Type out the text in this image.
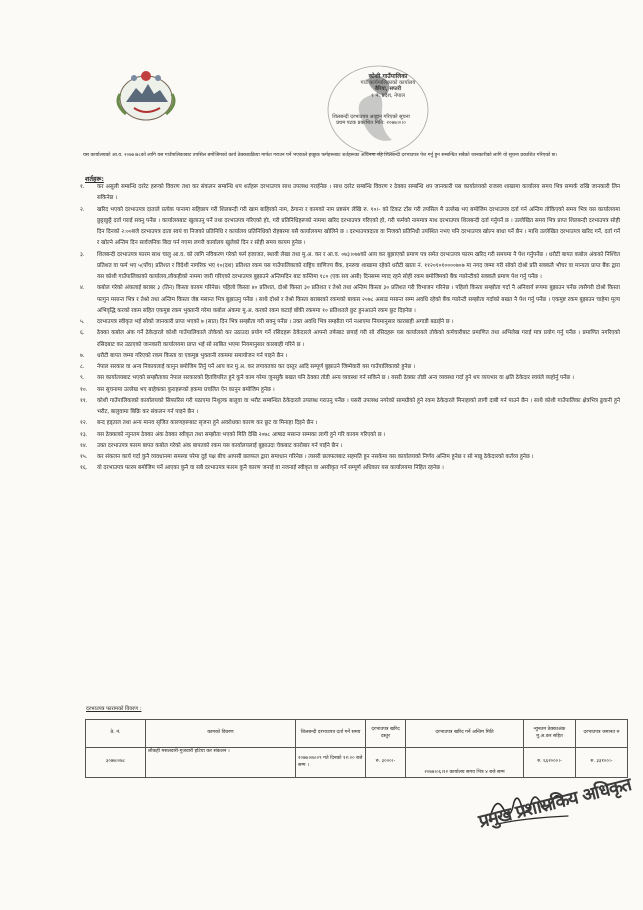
कोशी गाउँपालिका
गाउँ कार्यपालिकाको कार्यालय
बैरिया, सप्तरी
१ नं. प्रदेश, नेपाल
शिलबन्दी दरभाउपत्र आह्वान गरिएको सूचना
प्रथम पटक प्रकाशित मिति: २०७७।०।०
यस कार्यालयको आ.व. २०७७।७८को लागि यस गाउँपालिकाबाट तपसिल बमोजिमको कार्य ठेक्काप्रक्रिया मार्फत गराउन पर्ने भएकाले इच्छुक फर्महरूबाट शर्तहरूका अधिनमा रहि शिलबन्दी दरभाउपत्र पेश गर्नु हुन सम्बन्धित सबैको जानकारीको लागि यो सूचना प्रकाशित गरिएको छ।
शर्तहरू:
१. कर असुली सम्बन्धि दररेट हरूको विवरण तथा कर संकलन सम्बन्धि थप शर्तहरू दरभाउपत्र साथ उपलब्ध गराईनेछ । साथ दररेट सम्बन्धि विवरण र ठेक्का सम्बन्धि थप जानकारी यस कार्यालयको राजस्व शाखामा कार्यालय समय भित्र सम्पर्क राखि जानकारी लिन सकिनेछ ।
२. खरिद भएको दरभाउपत्र दाताले प्रत्येक पानामा सहिछाप गरी शिलबन्दी गरी खाम बाहिरको नाम, ठेगाना र कामको नाम प्रष्टसंग लेखि रु. १०।- को टिकट टाँस गरी तपसिल मै उल्लेख भए बमोजिम दरभाउपत्र दर्ता गर्न अन्तिम तोकिएको समय भित्र यस कार्यालयमा छुट्टाछुट्टै दर्ता गराई सक्नु पर्नेछ । कार्यालयबाट खुलाउनु पर्ने तथा दरभाउपत्र गरिएको होः, गरी प्रतिनिधिहरूको नाममा खरिद दरभाउपत्र गरिएको हो, गरी फर्मको नाममात्र माथ दरभाउपत्र शिलबन्दी दर्ता गर्नुपर्ने छ । उल्लेखित समय भित्र प्राप्त शिलबन्दी दरभाउपत्र सोही दिन दिनको २:००बजे दरभाउपत्र दाता स्वयं वा निजको प्रतिनिधि र कार्यालय प्रतिनिधिको रोहबरमा यसै कार्यालयमा खोलिने छ । दरभाउपत्रदाता वा निजको प्रतिनिधी उपस्थित नभए पनि दरभाउपत्र खोल्न बाधा पर्ने छैन । माथि उल्लेखित दरभाउपत्र खरिद गर्ने, दर्ता गर्ने र खोल्ने अन्तिम दिन सार्वजनिक बिदा पर्न गएमा लगत्तै कार्यालय खुलेको दिन र सोही समय कायम हुनेछ ।
३. शिलबन्दी दरभाउपत्र फारम साथ चालु आ.व. को लागि नविकरण गरेको फर्म इजाजत, स्थायी लेखा तथा मु.अ. कर र आ.व. ०७३।०७४को आय कर बुझाएको प्रमाण पत्र समेत दरभाउपत्र फारम खरिद गरी समयमा नै पेश गर्नुपर्नेछ । धरौटी बापत कबोल अंकको निश्चित प्रतिशत वा फर्म भए ५(पाँच) प्रतिशत र विदेशी नागरिक भए १०(दश) प्रतिशत रकम यस गाउँपालिकाको राष्ट्रिय वाणिज्य बैंक, इनरुवा शाखामा रहेको धरौटी खाता नं. ११२०१०१००००७०७ मा नगद जम्मा गरी सोको दोश्रो प्रति सक्कलै भौचर वा मान्यता प्राप्त बैंक द्वारा यस कोशी गाउँपालिकाको कार्यालय,लौकहीको नाममा जारी गरिएको दरभाउपत्र बुझाउने अन्तिमदिन बाट कम्तिमा १८० (एक सय असी) दिनसम्म म्याद रहने सोही रकम बमोजिमको बैंक ग्यारेन्टीको सक्कलै प्रमाण पेश गर्नु पर्नेछ ।
४. कबोल गरेको अंकलाई बराबर ३ (तिन) किस्ता कायम गरिनेछ। पहिलो किस्ता ४० प्रतिशत, दोश्रो किस्ता ३० प्रतिशत र तेश्रो तथा अन्तिम किस्ता ३० प्रतिशत गरी विभाजन गरिनेछ । पहिलो किस्ता सम्झौता गर्दा नै अनिवार्य रूपमा बुझाउन पर्नेछ त्यसैगरी दोश्रो किस्ता फागुन मसान्त भित्र र तेश्रो तथा अन्तिम किस्ता जेष्ठ मसान्त भित्र बुझाउनु पर्नेछ । साथै दोश्रो र तेश्रो किस्ता बराबरको रकमको बाकस २०७८ असाढ मसान्त सम्म अवधि रहेको बैंक ग्यारेन्टी सम्झौता गर्दाको बखत नै पेश गर्नु पर्नेछ । एकमुष्ट रकम बुझाउन चाहेमा मूल्य अभिवृद्धि करको रकम सहित एकमुष्ठ रकम भुक्तानी गरेमा कबोल अंकमा मु.अ. करको रकम कटाई बाँकी रकममा १० प्रतिशतले छुट हुनआउने रकम छुट दिइनेछ ।
५. दरभाउपत्र स्वीकृत भई सोको जानकारी प्राप्त भएको ७ (सात) दिन भित्र सम्झौता गरी सक्नु पर्नेछ । उक्त अवधि भित्र सम्झौता गर्न नआएमा नियमानुसार कारबाही अगाडी बढाईने छ ।
६. ठेक्का कबोल अंक गर्ने ठेकेदारले कोशी गाउँपालिकाले तोकेको कर उठाउदा प्रयोग गर्ने रसिदहरू ठेकेदारले आफ्नो तर्फबाट छपाई गरी सो रसिदहरू यस कार्यालयले तोकेको कर्मचारीबाट प्रमाणित तथा अभिलेख गराई मात्र प्रयोग गर्नु पर्नेछ । प्रमाणित नगरिएको रसिदबाट कर उठाएको जानकारी कार्यालयमा प्राप्त भई सो साबित भएमा नियमानुसार कारबाही गरिने छ ।
७. धरौटी बापत जम्मा गरिएको रकम किस्ता वा एकमुष्ठ भुक्तानी रकममा समायोजन गर्न पाइने छैन ।
८. नेपाल सरकार वा अन्य निकायलाई कानुन बमोजिम तिर्नु पर्ने आय कर मु.अ. कर लगायतका कर दस्तुर आदि सम्पूर्ण बुझाउने जिम्मेवारी यस गाउँपालिकाको हुनेछ ।
९. यस कार्यालयबाट भएको सम्झौताका नेपाल सरकारको हितविपरित हुने कुनै काम गरेमा जुनसुकै बखत पनि ठेक्का तोडी अन्य व्यवस्था गर्न सकिने छ । यसरी ठेक्का तोडी अन्य व्यवस्था गर्दा हुने थप व्ययभार वा क्षति ठेकेदार स्वयंले व्यहोर्नु पर्नेछ ।
१०. यस सूचनामा उल्लेख भए बाहेकका कुराहरूको हकमा प्रचलित ऐन कानुन बमोजिम हुनेछ ।
११. कोशी गाउँपालिकाको कार्यालयको सिफारिस गरी यठाएमा निशुल्क बालुवा वा भरौट सम्बन्धित ठेकेदारले उपलब्ध गराउनु पर्नेछ । यसरी उपलब्ध नगरेको सामग्रीको हुने रकम ठेकेदारले मिनाहाको लागी दाबी गर्न पाउने छैन । साथै कोशी गाउँपालिका क्षेत्रभित्र ढुवानी हुने भरौट, बालुवामा बिक्रि कर संकलन गर्न पाइने छैन ।
१२. बन्द हड्ताल तथा अन्य मानव सृजित कारणहरूबाट सृजना हुने अवरोधका कारण कर छुट वा मिनाहा दिइने छैन ।
१३. यस ठेक्काको न्युनतम ठेक्का अंक ठेक्का स्वीकृत तथा सम्झौता भएको मिति देखि २०७८ आषाढ मसान्त सम्मका लागी हुने गरि कायम गरिएको छ ।
१४. उक्त दरभाउपत्र फारम बापत कबोल गरेको अंक बापतको रकम यस कार्यालयलाई बुझाउदा चेकबाट कारोबार गर्न पाईने छैन ।
१५. कर संकलन कार्य गर्दा कुनै व्यवधानमा समस्या परेमा दुई पक्ष बीच आपसी छलफल द्वारा समाधान गरिनेछ । त्यसरी छलफलबाट सहमति हुन नसकेमा यस कार्यालयको निर्णय अन्तिम हुनेछ र सो मान्नु ठेकेदारको कर्तव्य हुनेछ ।
१६. यो दरभाउपत्र फारम बमोजिम पर्ने आएका कुनै वा सबै दरभाउपत्र फारम कुनै कारण जनाई वा नजनाई स्वीकृत वा अस्वीकृत गर्ने सम्पूर्ण अधिकार यस कार्यालयमा निहित रहनेछ ।
दरभाउपत्र फारामको विवरण :
ठे. नं.	कामको विवरण	शिलबन्दी दरभाउपत्र दर्ता गर्ने समय	दरभाउपत्र खरिद दस्तुर	दरभाउपत्र खरिद गर्ने अन्तिम मिति	न्युनतम ठेक्काअंक मु.अ.कर सहित	दरभाउपत्र जमानत रु
३०७७।०७८	लौकही मसलवारी-गुजवारी हटिया कर संकलन ।	२०७७।०७।०९ गते दिनको १२:०० बजे सम्म ।	रु. ३०००।-	२०७७।०६।१२ कार्यालय समय भित्र ४ बजे सम्म	रु. ६६२०००।-	रु. ३३१००।-
प्रमुख प्रशासकिय अधिकृत
